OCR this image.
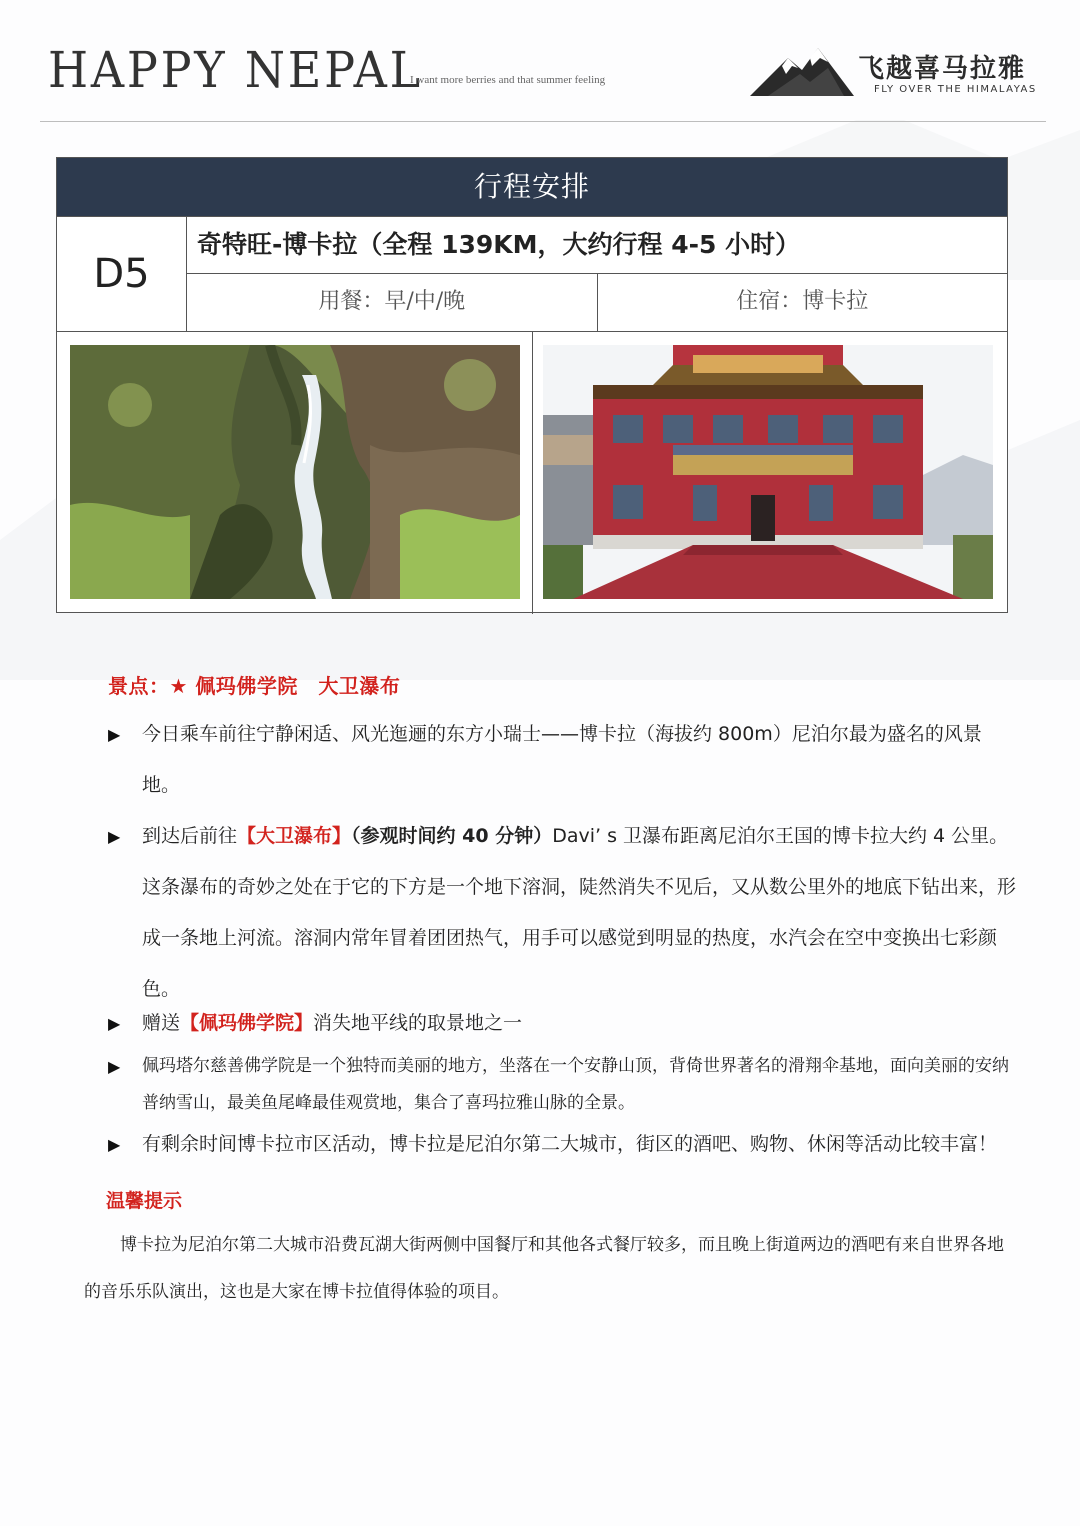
HAPPY NEPAL
I want more berries and that summer feeling	飞越喜马拉雅
FLY OVER THE HIMALAYAS
行程安排
D5
奇特旺-博卡拉（全程 139KM，大约行程 4-5 小时）
用餐：早/中/晚	住宿：博卡拉
景点：★ 佩玛佛学院　大卫瀑布
▶ 今日乘车前往宁静闲适、风光迤逦的东方小瑞士——博卡拉（海拔约 800m）尼泊尔最为盛名的风景地。
▶ 到达后前往【大卫瀑布】（参观时间约 40 分钟）Davi’ s 卫瀑布距离尼泊尔王国的博卡拉大约 4 公里。这条瀑布的奇妙之处在于它的下方是一个地下溶洞，陡然消失不见后，又从数公里外的地底下钻出来，形成一条地上河流。溶洞内常年冒着团团热气，用手可以感觉到明显的热度，水汽会在空中变换出七彩颜色。
▶ 赠送【佩玛佛学院】消失地平线的取景地之一
▶ 佩玛塔尔慈善佛学院是一个独特而美丽的地方，坐落在一个安静山顶，背倚世界著名的滑翔伞基地，面向美丽的安纳普纳雪山，最美鱼尾峰最佳观赏地，集合了喜玛拉雅山脉的全景。
▶ 有剩余时间博卡拉市区活动，博卡拉是尼泊尔第二大城市，街区的酒吧、购物、休闲等活动比较丰富！
温馨提示
博卡拉为尼泊尔第二大城市沿费瓦湖大街两侧中国餐厅和其他各式餐厅较多，而且晚上街道两边的酒吧有来自世界各地的音乐乐队演出，这也是大家在博卡拉值得体验的项目。
